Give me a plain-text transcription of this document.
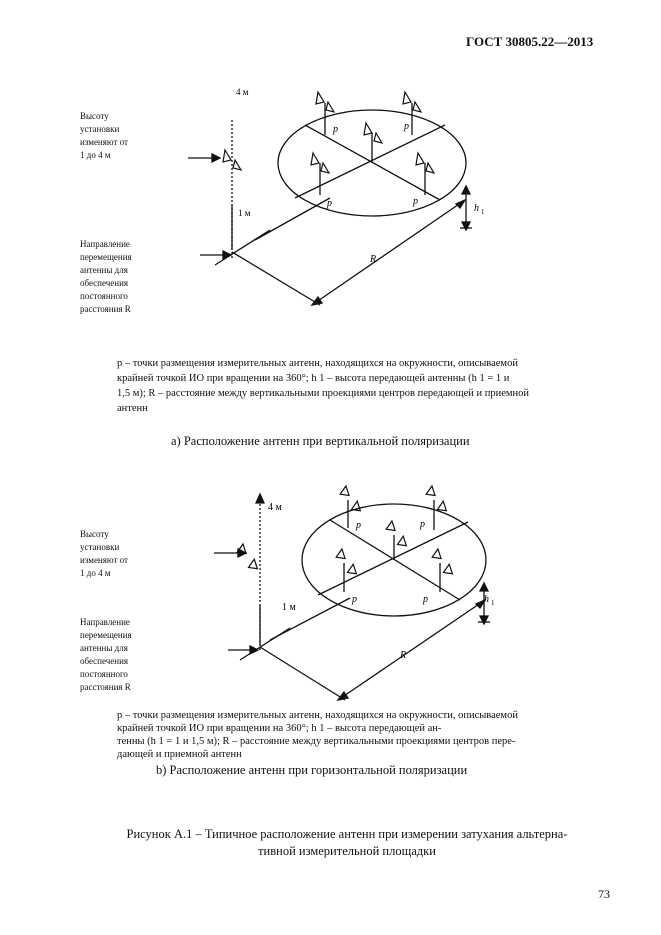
ГОСТ 30805.22—2013
Высоту
установки
изменяют от
1 до 4 м
Направление
перемещения
антенны для
обеспечения
постоянного
расстояния R
4 м
1 м
p	p
p	p
R
h 1
p – точки размещения измерительных антенн, находящихся на окружности, описываемой
крайней точкой ИО при вращении на 360°; h 1 – высота передающей антенны (h 1 = 1 и
1,5 м); R – расстояние между вертикальными проекциями центров передающей и приемной
антенн
а) Расположение антенн при вертикальной поляризации
Высоту
установки
изменяют от
1 до 4 м
Направление
перемещения
антенны для
обеспечения
постоянного
расстояния R
4 м
1 м
p	p
p	p
R
h 1
p – точки размещения измерительных антенн, находящихся на окружности, описываемой
крайней точкой ИО при вращении на 360°; h 1 – высота передающей ан-
тенны (h 1 = 1 и 1,5 м); R – расстояние между вертикальными проекциями центров пере-
дающей и приемной антенн
b) Расположение антенн при горизонтальной поляризации
Рисунок А.1 – Типичное расположение антенн при измерении затухания альтерна-
тивной измерительной площадки
73
